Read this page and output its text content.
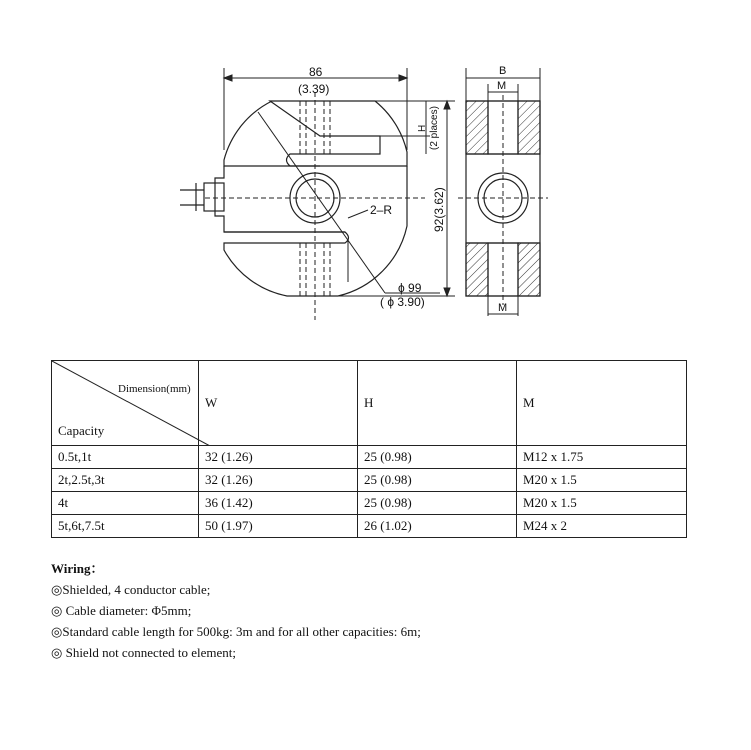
86
(3.39)
92(3.62)
H (2 places)
2–R
ϕ 99
( ϕ 3.90)
B
M
M
Dimension(mm)
Capacity	W	H	M
0.5t,1t	32 (1.26)	25 (0.98)	M12 x 1.75
2t,2.5t,3t	32 (1.26)	25 (0.98)	M20 x 1.5
4t	36 (1.42)	25 (0.98)	M20 x 1.5
5t,6t,7.5t	50 (1.97)	26 (1.02)	M24 x 2
Wiring：
◎Shielded, 4 conductor cable;
◎ Cable diameter: Φ5mm;
◎Standard cable length for 500kg: 3m and for all other capacities: 6m;
◎ Shield not connected to element;
